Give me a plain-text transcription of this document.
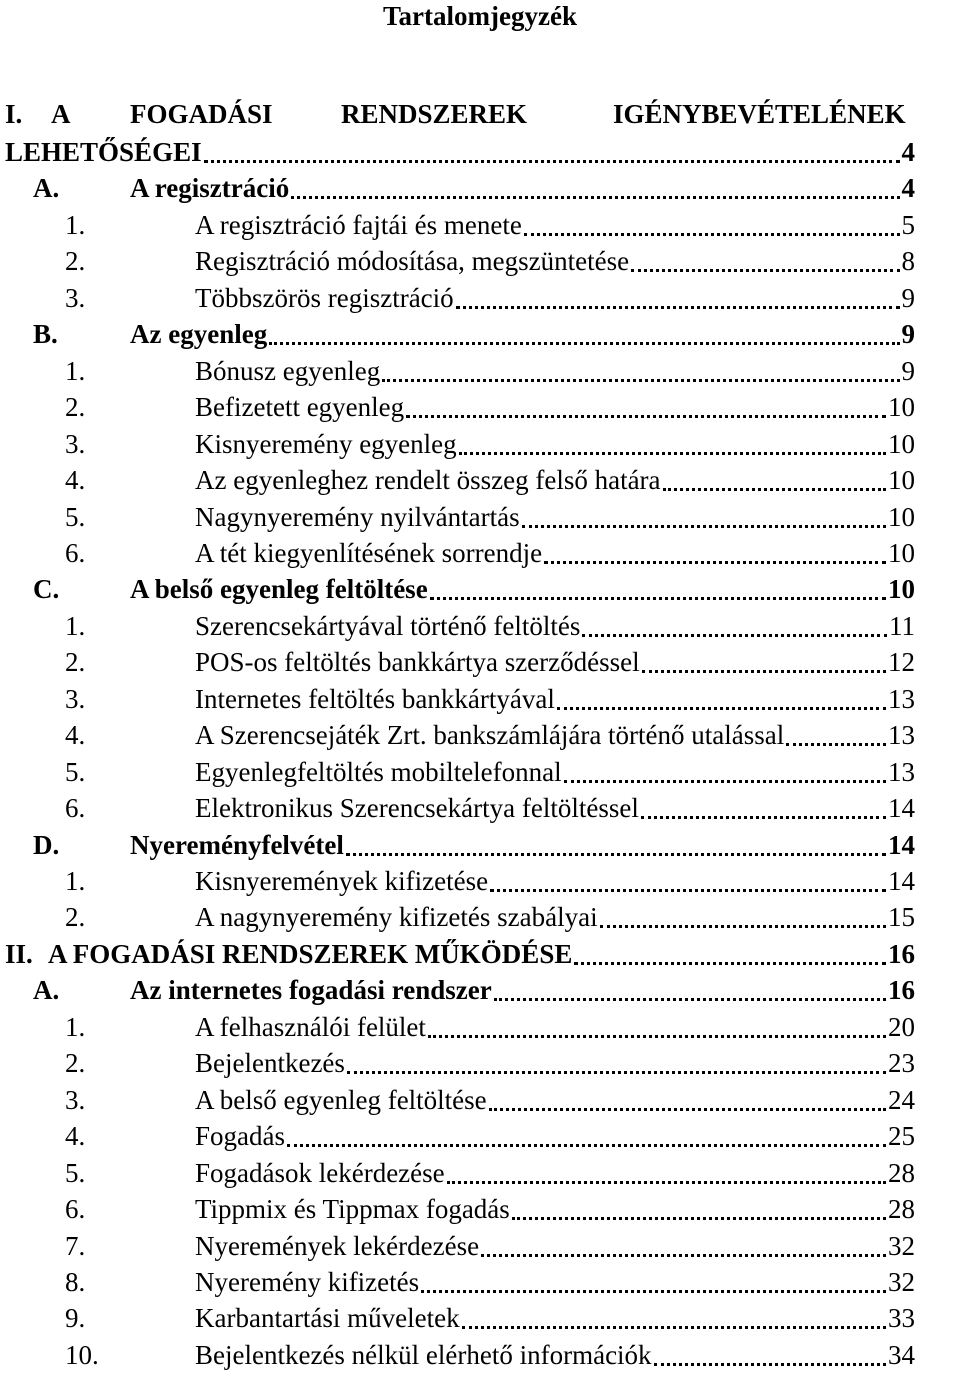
Tartalomjegyzék
I. A FOGADÁSI	RENDSZEREK	IGÉNYBEVÉTELÉNEK
LEHETŐSÉGEI	4
A.	A regisztráció	4
1.	A regisztráció fajtái és menete	5
2.	Regisztráció módosítása, megszüntetése	8
3.	Többszörös regisztráció	9
B.	Az egyenleg	9
1.	Bónusz egyenleg	9
2.	Befizetett egyenleg	10
3.	Kisnyeremény egyenleg	10
4.	Az egyenleghez rendelt összeg felső határa	10
5.	Nagynyeremény nyilvántartás	10
6.	A tét kiegyenlítésének sorrendje	10
C.	A belső egyenleg feltöltése	10
1.	Szerencsekártyával történő feltöltés	11
2.	POS-os feltöltés bankkártya szerződéssel	12
3.	Internetes feltöltés bankkártyával	13
4.	A Szerencsejáték Zrt. bankszámlájára történő utalással	13
5.	Egyenlegfeltöltés mobiltelefonnal	13
6.	Elektronikus Szerencsekártya feltöltéssel	14
D.	Nyereményfelvétel	14
1.	Kisnyeremények kifizetése	14
2.	A nagynyeremény kifizetés szabályai	15
II. A FOGADÁSI RENDSZEREK MŰKÖDÉSE	16
A.	Az internetes fogadási rendszer	16
1.	A felhasználói felület	20
2.	Bejelentkezés	23
3.	A belső egyenleg feltöltése	24
4.	Fogadás	25
5.	Fogadások lekérdezése	28
6.	Tippmix és Tippmax fogadás	28
7.	Nyeremények lekérdezése	32
8.	Nyeremény kifizetés	32
9.	Karbantartási műveletek	33
10.	Bejelentkezés nélkül elérhető információk	34
